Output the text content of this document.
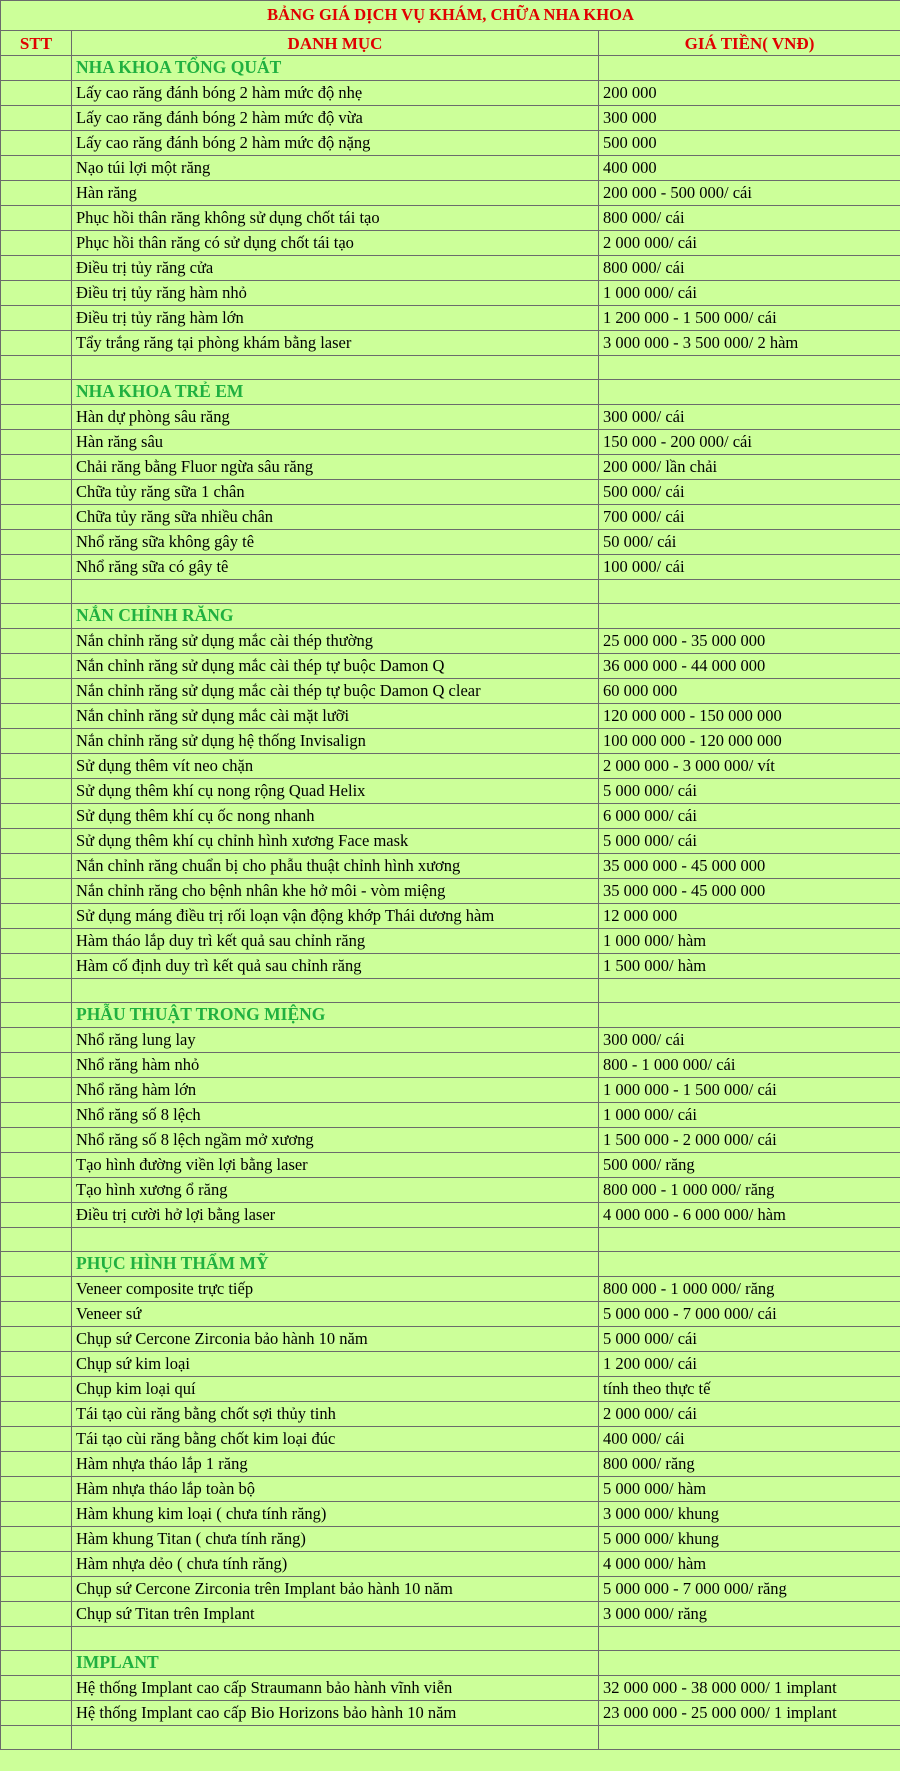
BẢNG GIÁ DỊCH VỤ KHÁM, CHỮA NHA KHOA		
STT	DANH MỤC	GIÁ TIỀN( VNĐ)
	NHA KHOA TỔNG QUÁT	
	Lấy cao răng đánh bóng 2 hàm mức độ nhẹ	200 000
	Lấy cao răng đánh bóng 2 hàm mức độ vừa	300 000
	Lấy cao răng đánh bóng 2 hàm mức độ nặng	500 000
	Nạo túi lợi một răng	400 000
	Hàn răng	200 000 - 500 000/ cái
	Phục hồi thân răng không sử dụng chốt tái tạo	800 000/ cái
	Phục hồi thân răng có sử dụng chốt tái tạo	2 000 000/ cái
	Điều trị tủy răng cửa	800 000/ cái
	Điều trị tủy răng hàm nhỏ	1 000 000/ cái
	Điều trị tủy răng hàm lớn	1 200 000 - 1 500 000/ cái
	Tẩy trắng răng tại phòng khám bằng laser	3 000 000 - 3 500 000/ 2 hàm

	NHA KHOA TRẺ EM	
	Hàn dự phòng sâu răng	300 000/ cái
	Hàn răng sâu	150 000 - 200 000/ cái
	Chải răng bằng Fluor ngừa sâu răng	200 000/ lần chải
	Chữa tủy răng sữa 1 chân	500 000/ cái
	Chữa tủy răng sữa nhiều chân	700 000/ cái
	Nhổ răng sữa không gây tê	50 000/ cái
	Nhổ răng sữa có gây tê	100 000/ cái

	NẮN CHỈNH RĂNG	
	Nắn chỉnh răng sử dụng mắc cài thép thường	25 000 000 - 35 000 000
	Nắn chỉnh răng sử dụng mắc cài thép tự buộc Damon Q	36 000 000 - 44 000 000
	Nắn chỉnh răng sử dụng mắc cài thép tự buộc Damon Q clear	60 000 000
	Nắn chỉnh răng sử dụng mắc cài mặt lưỡi	120 000 000 - 150 000 000
	Nắn chỉnh răng sử dụng hệ thống Invisalign	100 000 000 - 120 000 000
	Sử dụng thêm vít neo chặn	2 000 000 - 3 000 000/ vít
	Sử dụng thêm khí cụ nong rộng Quad Helix	5 000 000/ cái
	Sử dụng thêm khí cụ ốc nong nhanh	6 000 000/ cái
	Sử dụng thêm khí cụ chỉnh hình xương Face mask	5 000 000/ cái
	Nắn chỉnh răng chuẩn bị cho phẫu thuật chỉnh hình xương	35 000 000 - 45 000 000
	Nắn chỉnh răng cho bệnh nhân khe hở môi - vòm miệng	35 000 000 - 45 000 000
	Sử dụng máng điều trị rối loạn vận động khớp Thái dương hàm	12 000 000
	Hàm tháo lắp duy trì kết quả sau chỉnh răng	1 000 000/ hàm
	Hàm cố định duy trì kết quả sau chỉnh răng	1 500 000/ hàm

	PHẪU THUẬT TRONG MIỆNG	
	Nhổ răng lung lay	300 000/ cái
	Nhổ răng hàm nhỏ	800 - 1 000 000/ cái
	Nhổ răng hàm lớn	1 000 000 - 1 500 000/ cái
	Nhổ răng số 8 lệch	1 000 000/ cái
	Nhổ răng số 8 lệch ngầm mở xương	1 500 000 - 2 000 000/ cái
	Tạo hình đường viền lợi bằng laser	500 000/ răng
	Tạo hình xương ổ răng	800 000 - 1 000 000/ răng
	Điều trị cười hở lợi bằng laser	4 000 000 - 6 000 000/ hàm

	PHỤC HÌNH THẨM MỸ	
	Veneer composite trực tiếp	800 000 - 1 000 000/ răng
	Veneer sứ	5 000 000 - 7 000 000/ cái
	Chụp sứ Cercone Zirconia bảo hành 10 năm	5 000 000/ cái
	Chụp sứ kim loại	1 200 000/ cái
	Chụp kim loại quí	tính theo thực tế
	Tái tạo cùi răng bằng chốt sợi thủy tinh	2 000 000/ cái
	Tái tạo cùi răng bằng chốt kim loại đúc	400 000/ cái
	Hàm nhựa tháo lắp 1 răng	800 000/ răng
	Hàm nhựa tháo lắp toàn bộ	5 000 000/ hàm
	Hàm khung kim loại ( chưa tính răng)	3 000 000/ khung
	Hàm khung Titan ( chưa tính răng)	5 000 000/ khung
	Hàm nhựa dẻo ( chưa tính răng)	4 000 000/ hàm
	Chụp sứ Cercone Zirconia trên Implant bảo hành 10 năm	5 000 000 - 7 000 000/ răng
	Chụp sứ Titan trên Implant	3 000 000/ răng

	IMPLANT	
	Hệ thống Implant cao cấp Straumann bảo hành vĩnh viễn	32 000 000 - 38 000 000/ 1 implant
	Hệ thống Implant cao cấp Bio Horizons bảo hành 10 năm	23 000 000 - 25 000 000/ 1 implant
